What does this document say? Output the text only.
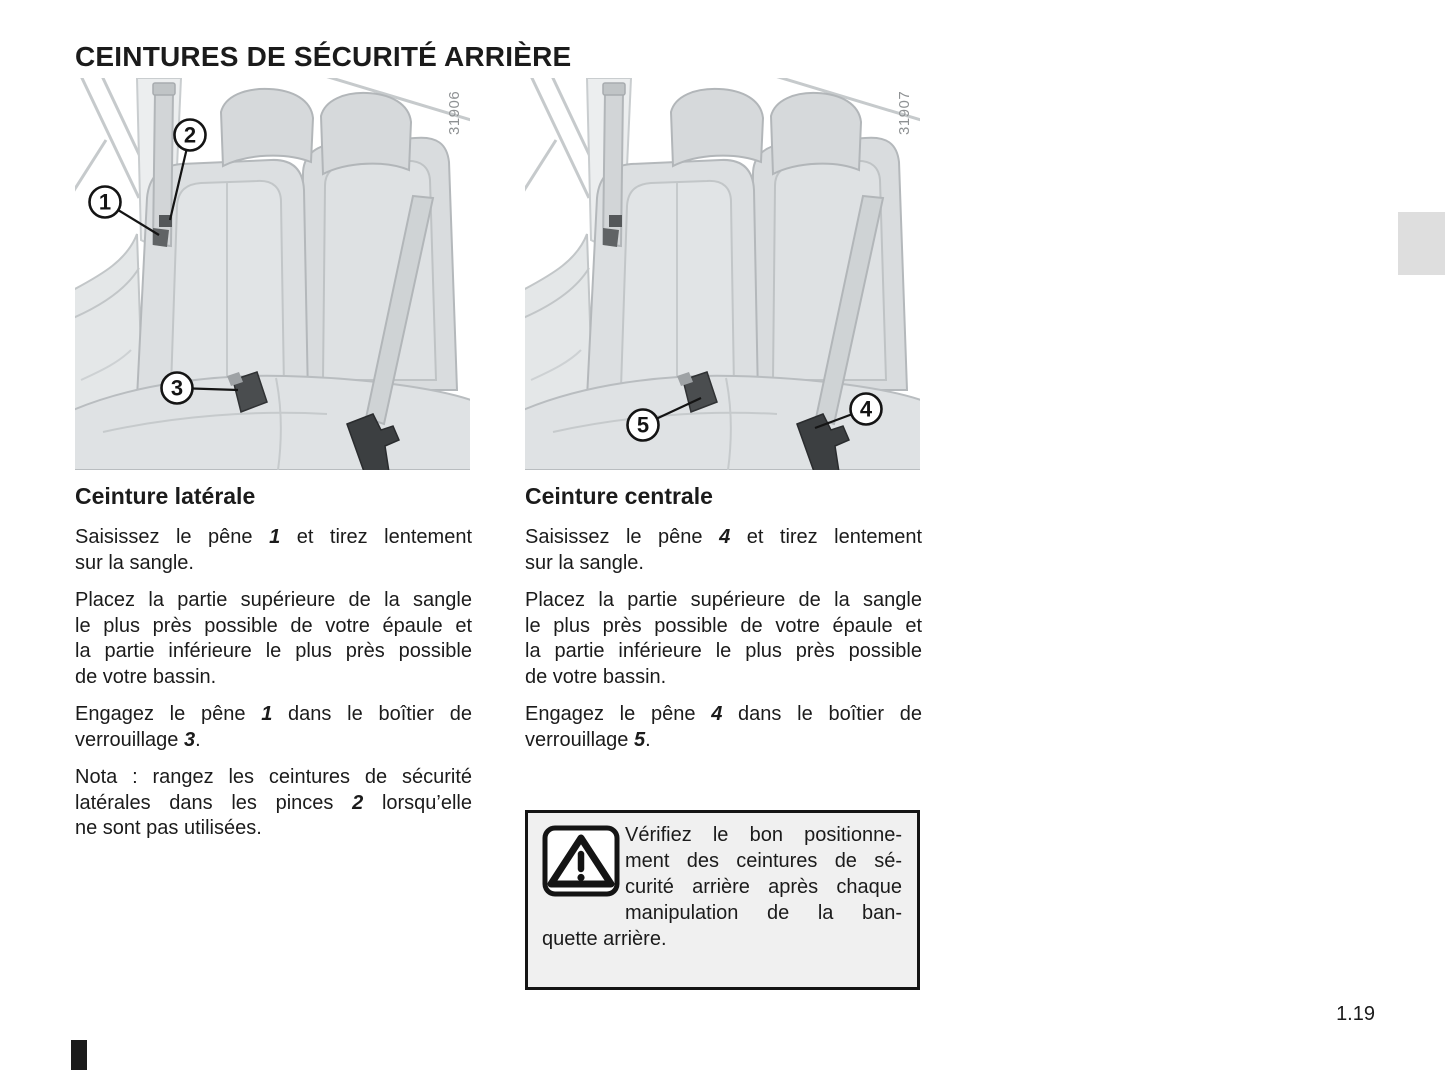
CEINTURES DE SÉCURITÉ ARRIÈRE
1
2
3
31906
5
4
31907
Ceinture latérale
Saisissez le pêne 1 et tirez lentement
sur la sangle.
Placez la partie supérieure de la sangle
le plus près possible de votre épaule et
la partie inférieure le plus près possible
de votre bassin.
Engagez le pêne 1 dans le boîtier de
verrouillage 3.
Nota : rangez les ceintures de sécurité
latérales dans les pinces 2 lorsqu’elle
ne sont pas utilisées.
Ceinture centrale
Saisissez le pêne 4 et tirez lentement
sur la sangle.
Placez la partie supérieure de la sangle
le plus près possible de votre épaule et
la partie inférieure le plus près possible
de votre bassin.
Engagez le pêne 4 dans le boîtier de
verrouillage 5.
Vérifiez le bon positionne-
ment des ceintures de sé-
curité arrière après chaque
manipulation de la ban-
quette arrière.
1.19
